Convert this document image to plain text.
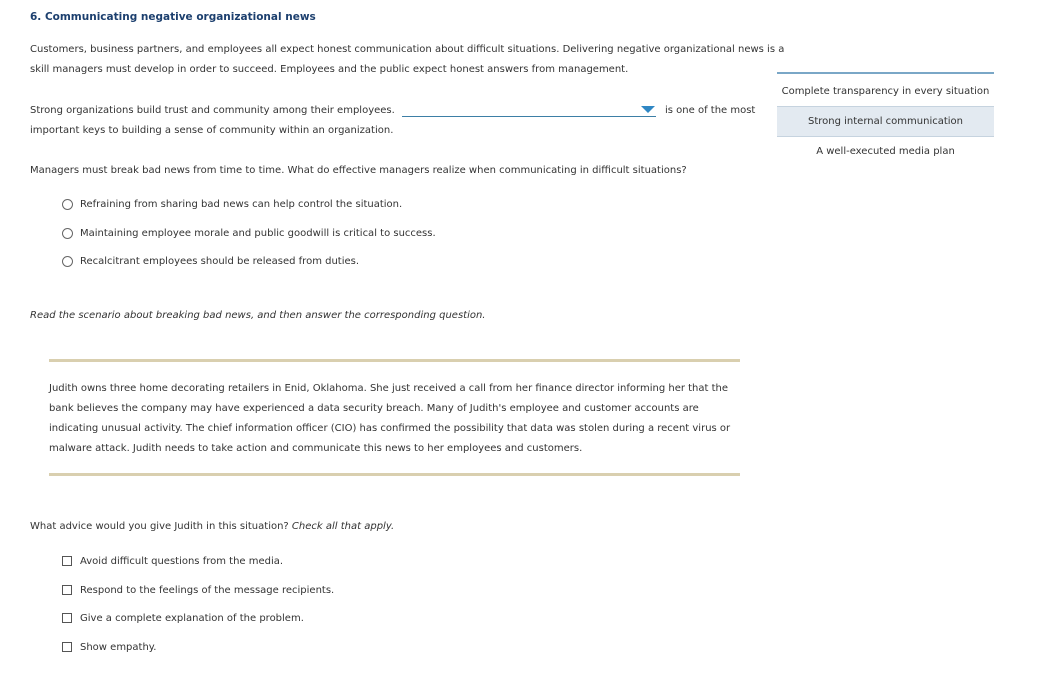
6. Communicating negative organizational news
Customers, business partners, and employees all expect honest communication about difficult situations. Delivering negative organizational news is a
skill managers must develop in order to succeed. Employees and the public expect honest answers from management.
Strong organizations build trust and community among their employees.	is one of the most
important keys to building a sense of community within an organization.
Complete transparency in every situation
Strong internal communication
A well-executed media plan
Managers must break bad news from time to time. What do effective managers realize when communicating in difficult situations?
Refraining from sharing bad news can help control the situation.
Maintaining employee morale and public goodwill is critical to success.
Recalcitrant employees should be released from duties.
Read the scenario about breaking bad news, and then answer the corresponding question.
Judith owns three home decorating retailers in Enid, Oklahoma. She just received a call from her finance director informing her that the
bank believes the company may have experienced a data security breach. Many of Judith's employee and customer accounts are
indicating unusual activity. The chief information officer (CIO) has confirmed the possibility that data was stolen during a recent virus or
malware attack. Judith needs to take action and communicate this news to her employees and customers.
What advice would you give Judith in this situation? Check all that apply.
Avoid difficult questions from the media.
Respond to the feelings of the message recipients.
Give a complete explanation of the problem.
Show empathy.
